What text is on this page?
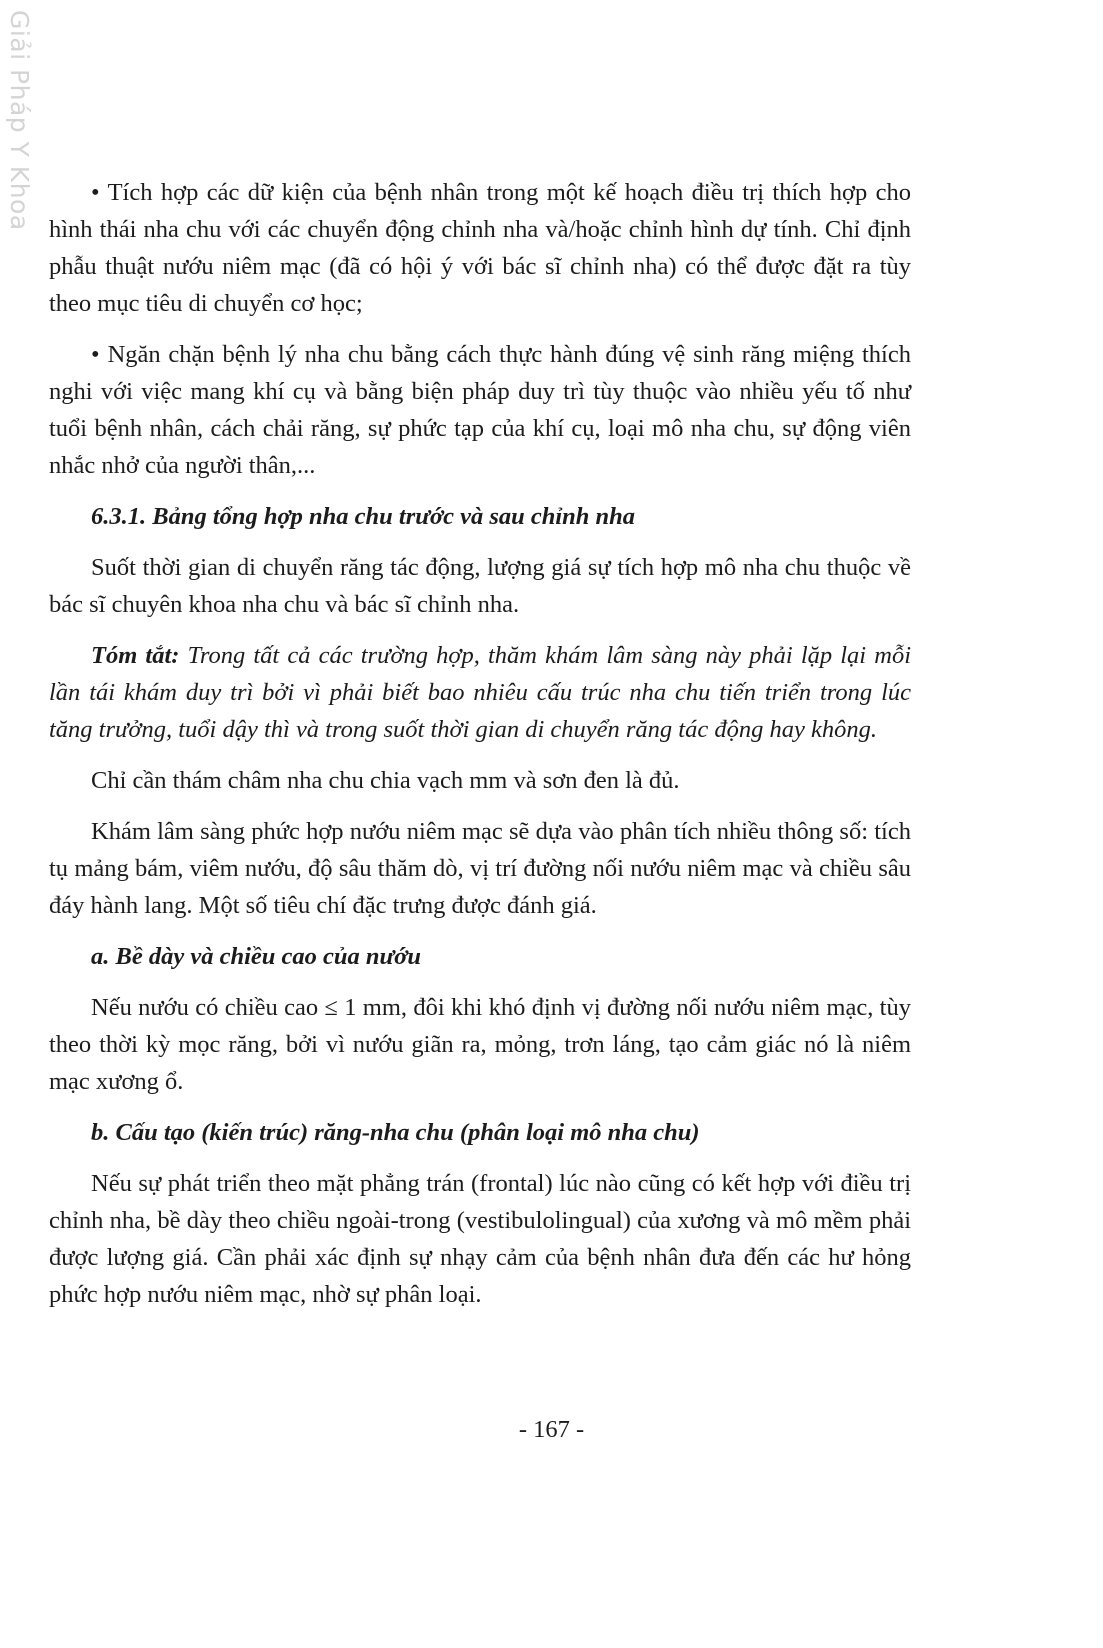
Giải Pháp Y Khoa	• Tích hợp các dữ kiện của bệnh nhân trong một kế hoạch điều trị thích hợp cho hình thái nha chu với các chuyển động chỉnh nha và/hoặc chỉnh hình dự tính. Chỉ định phẫu thuật nướu niêm mạc (đã có hội ý với bác sĩ chỉnh nha) có thể được đặt ra tùy theo mục tiêu di chuyển cơ học;

• Ngăn chặn bệnh lý nha chu bằng cách thực hành đúng vệ sinh răng miệng thích nghi với việc mang khí cụ và bằng biện pháp duy trì tùy thuộc vào nhiều yếu tố như tuổi bệnh nhân, cách chải răng, sự phức tạp của khí cụ, loại mô nha chu, sự động viên nhắc nhở của người thân,...

6.3.1. Bảng tổng hợp nha chu trước và sau chỉnh nha

Suốt thời gian di chuyển răng tác động, lượng giá sự tích hợp mô nha chu thuộc về bác sĩ chuyên khoa nha chu và bác sĩ chỉnh nha.

Tóm tắt: Trong tất cả các trường hợp, thăm khám lâm sàng này phải lặp lại mỗi lần tái khám duy trì bởi vì phải biết bao nhiêu cấu trúc nha chu tiến triển trong lúc tăng trưởng, tuổi dậy thì và trong suốt thời gian di chuyển răng tác động hay không.

Chỉ cần thám châm nha chu chia vạch mm và sơn đen là đủ.

Khám lâm sàng phức hợp nướu niêm mạc sẽ dựa vào phân tích nhiều thông số: tích tụ mảng bám, viêm nướu, độ sâu thăm dò, vị trí đường nối nướu niêm mạc và chiều sâu đáy hành lang. Một số tiêu chí đặc trưng được đánh giá.

a. Bề dày và chiều cao của nướu

Nếu nướu có chiều cao ≤ 1 mm, đôi khi khó định vị đường nối nướu niêm mạc, tùy theo thời kỳ mọc răng, bởi vì nướu giãn ra, mỏng, trơn láng, tạo cảm giác nó là niêm mạc xương ổ.

b. Cấu tạo (kiến trúc) răng-nha chu (phân loại mô nha chu)

Nếu sự phát triển theo mặt phẳng trán (frontal) lúc nào cũng có kết hợp với điều trị chỉnh nha, bề dày theo chiều ngoài-trong (vestibulolingual) của xương và mô mềm phải được lượng giá. Cần phải xác định sự nhạy cảm của bệnh nhân đưa đến các hư hỏng phức hợp nướu niêm mạc, nhờ sự phân loại.

- 167 -
